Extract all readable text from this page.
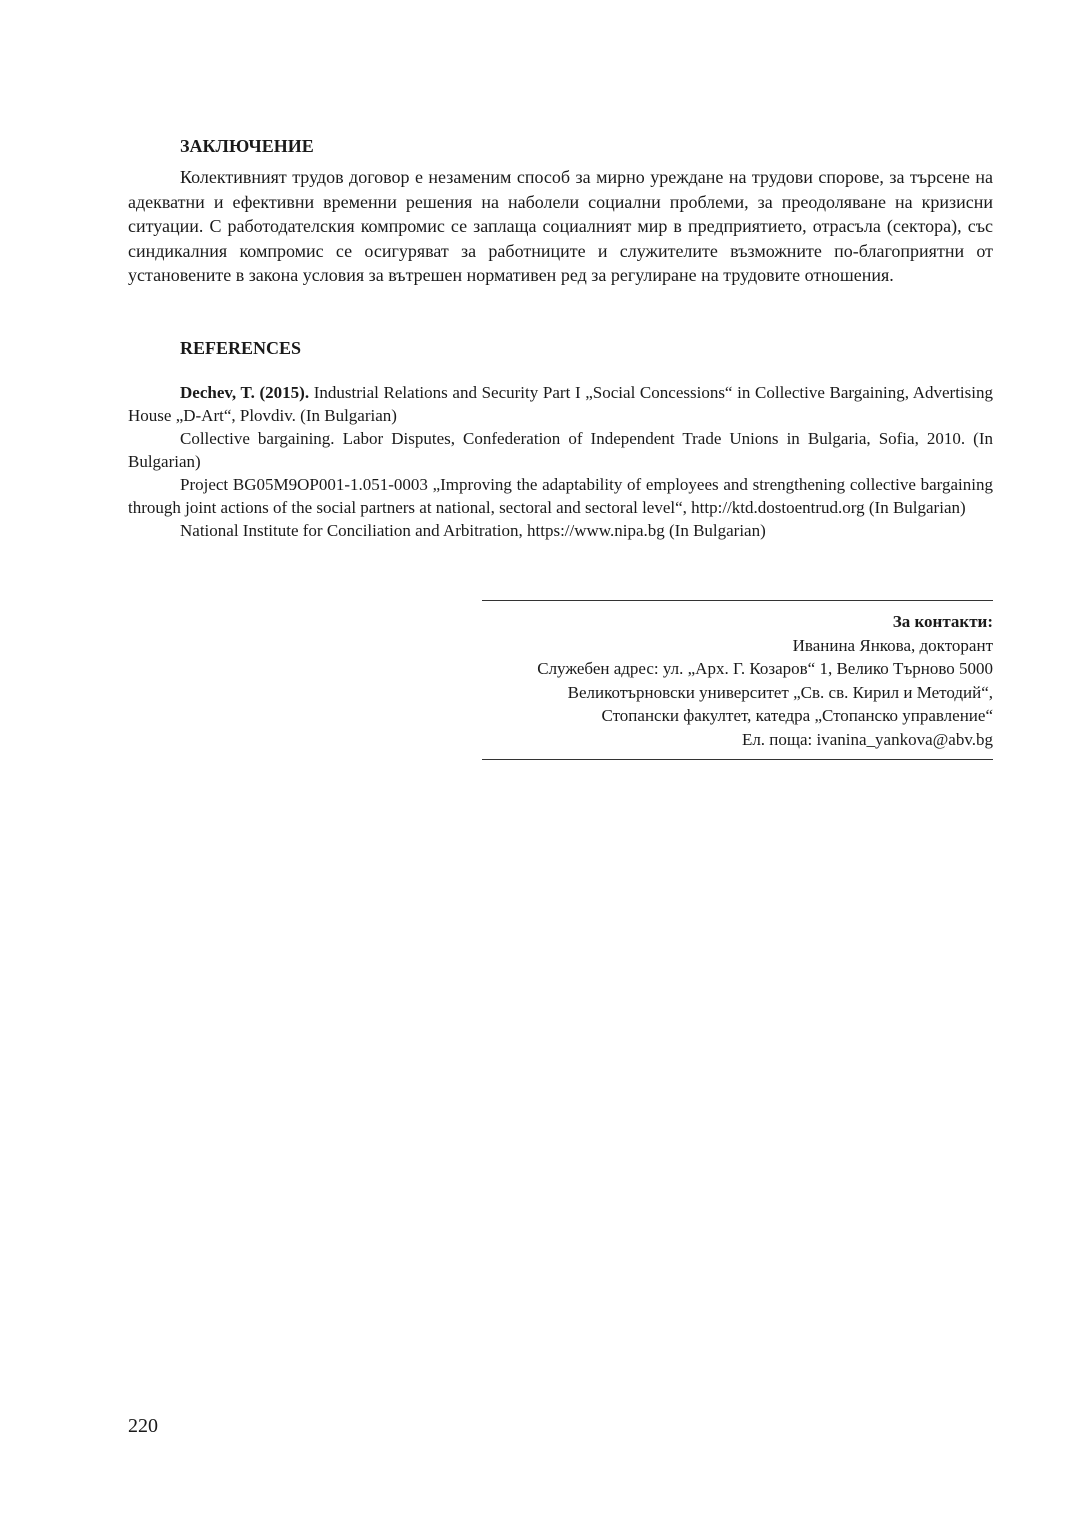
ЗАКЛЮЧЕНИЕ

Колективният трудов договор е незаменим способ за мирно уреждане на трудови спорове, за търсене на адекватни и ефективни временни решения на наболели социални проблеми, за преодоляване на кризисни ситуации. С работодателския компромис се заплаща социалният мир в предприятието, отрасъла (сектора), със синдикалния компромис се осигуряват за работниците и служителите възможните по-благоприятни от установените в закона условия за вътрешен нормативен ред за регулиране на трудовите отношения.

REFERENCES

Dechev, T. (2015). Industrial Relations and Security Part I „Social Concessions“ in Collective Bargaining, Advertising House „D-Art“, Plovdiv. (In Bulgarian)

Collective bargaining. Labor Disputes, Confederation of Independent Trade Unions in Bulgaria, Sofia, 2010. (In Bulgarian)

Project BG05M9OP001-1.051-0003 „Improving the adaptability of employees and strengthening collective bargaining through joint actions of the social partners at national, sectoral and sectoral level“, http://ktd.dostoentrud.org (In Bulgarian)

National Institute for Conciliation and Arbitration, https://www.nipa.bg (In Bulgarian)

За контакти:

Иванина Янкова, докторант

Служебен адрес: ул. „Арх. Г. Козаров“ 1, Велико Търново 5000

Великотърновски университет „Св. св. Кирил и Методий“,

Стопански факултет, катедра „Стопанско управление“

Ел. поща: ivanina_yankova@abv.bg

220
